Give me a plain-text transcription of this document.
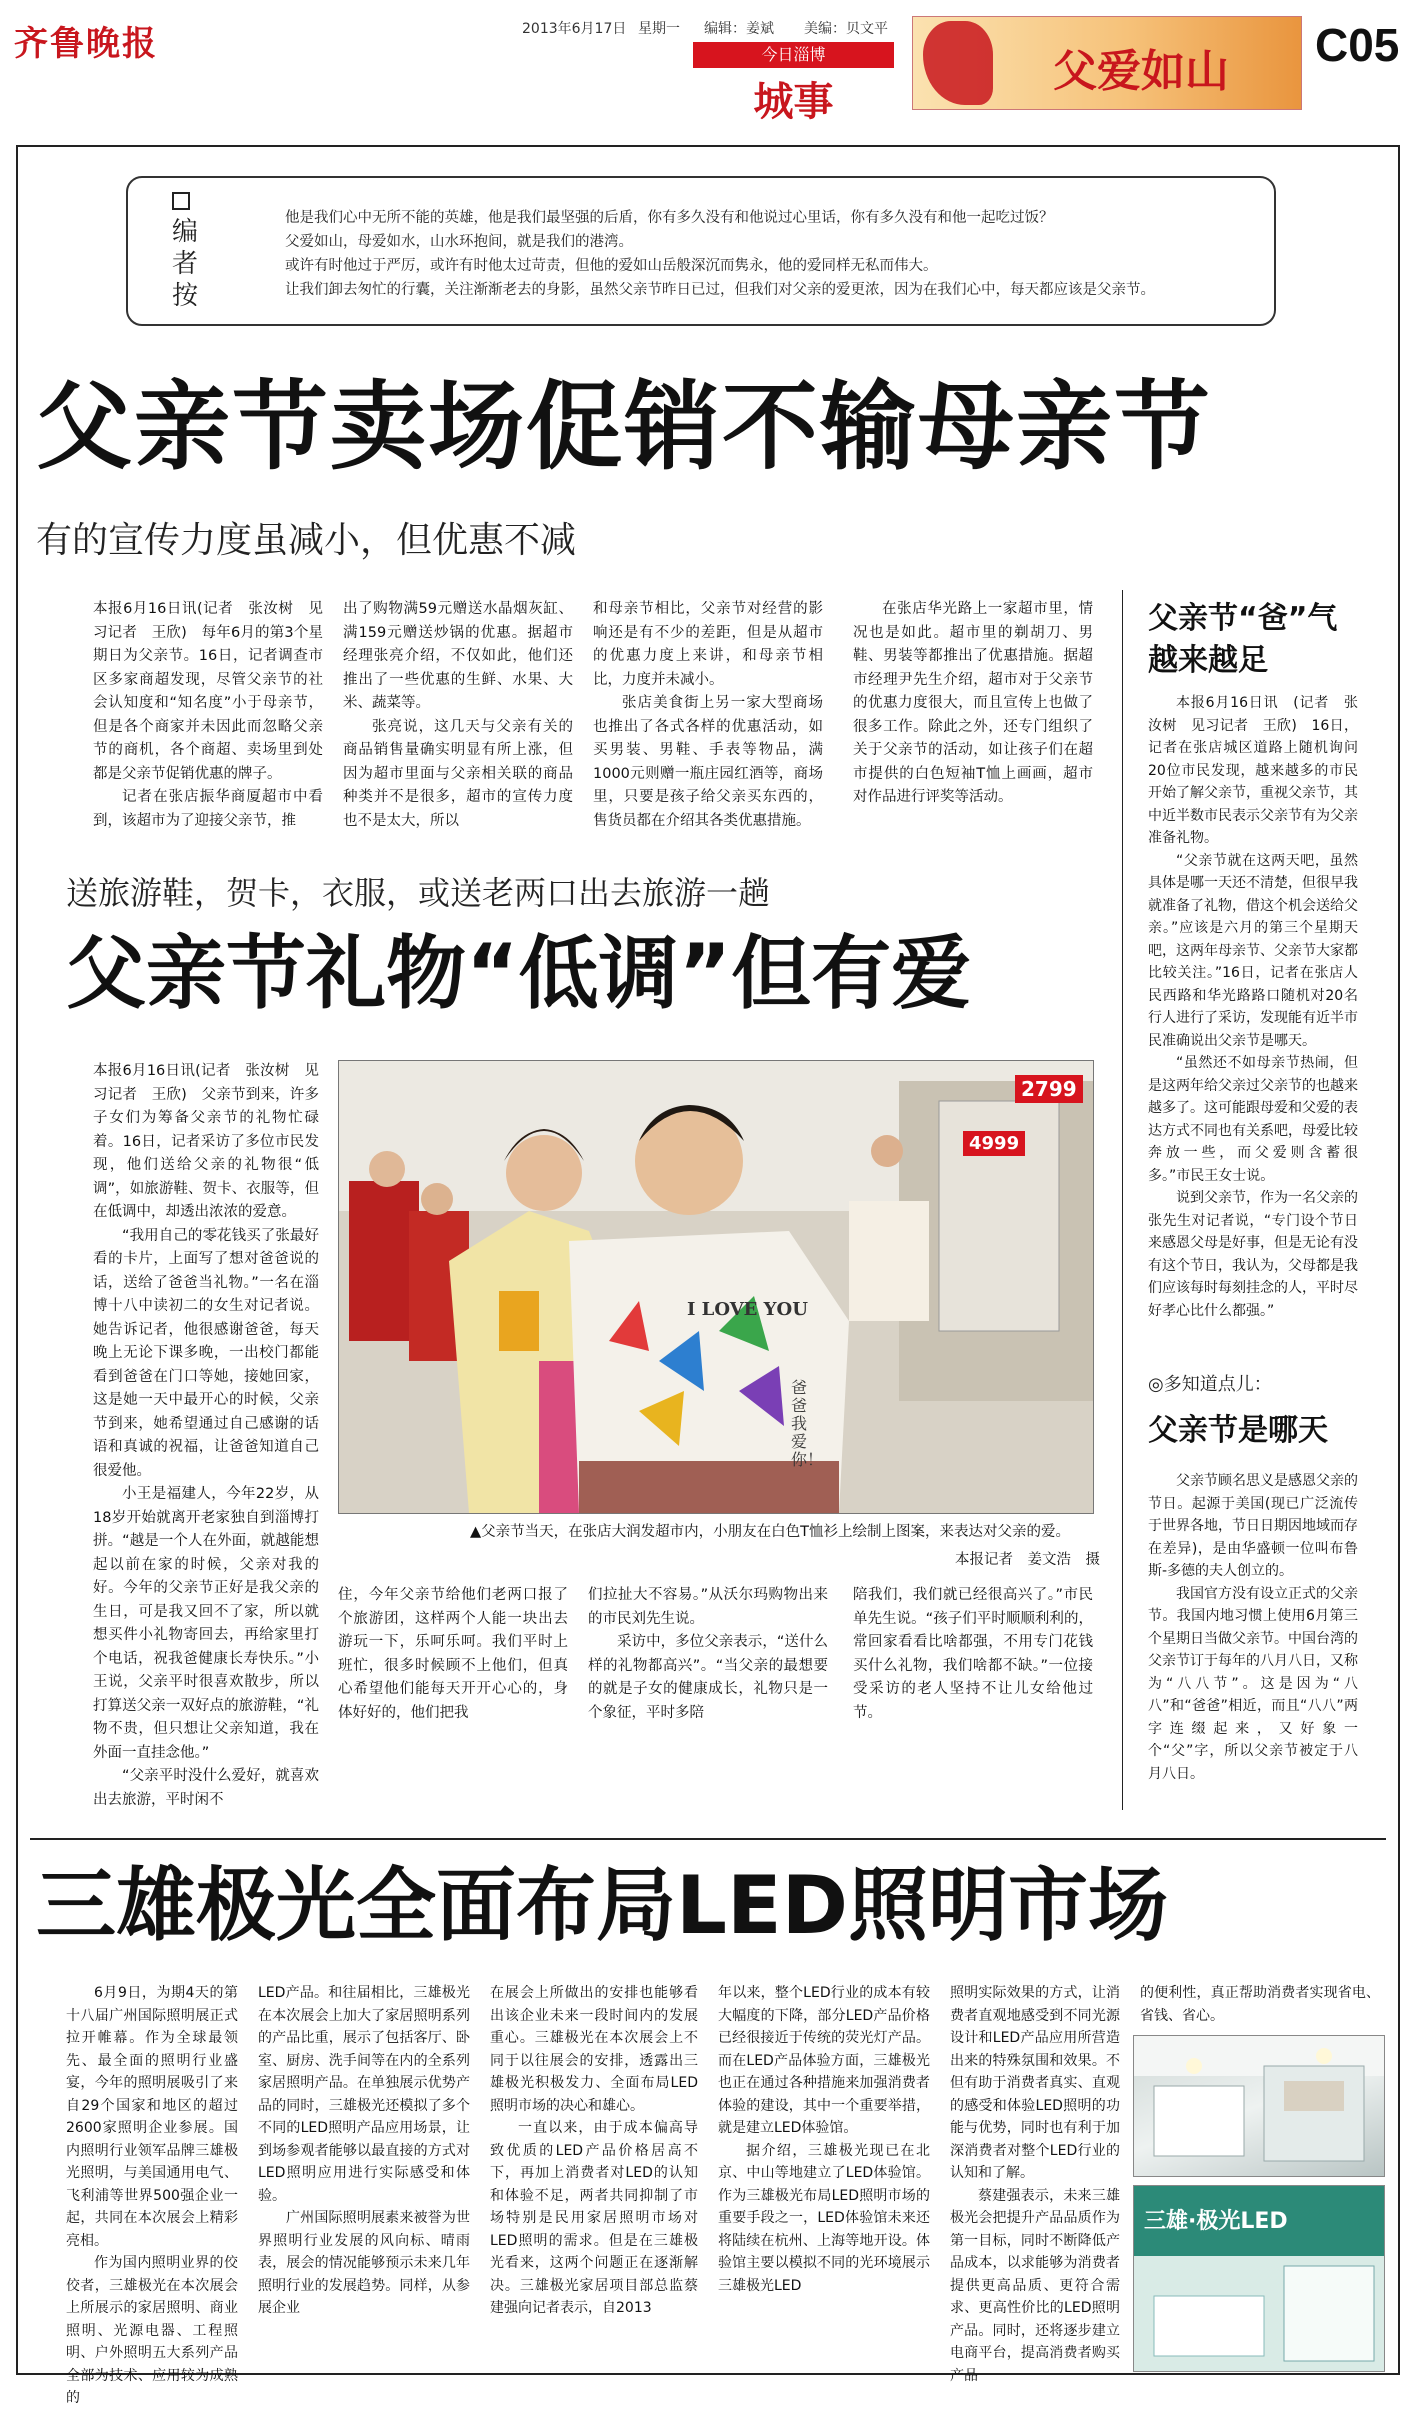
齐鲁晚报	2013年6月17日 星期一 编辑：姜斌 美编：贝文平
今日淄博
城事
父爱如山
C05
编者按

他是我们心中无所不能的英雄，他是我们最坚强的后盾，你有多久没有和他说过心里话，你有多久没有和他一起吃过饭？

父爱如山，母爱如水，山水环抱间，就是我们的港湾。

或许有时他过于严厉，或许有时他太过苛责，但他的爱如山岳般深沉而隽永，他的爱同样无私而伟大。

让我们卸去匆忙的行囊，关注渐渐老去的身影，虽然父亲节昨日已过，但我们对父亲的爱更浓，因为在我们心中，每天都应该是父亲节。

父亲节卖场促销不输母亲节
有的宣传力度虽减小，但优惠不减

本报6月16日讯(记者　张汝树　见习记者　王欣)　每年6月的第3个星期日为父亲节。16日，记者调查市区多家商超发现，尽管父亲节的社会认知度和“知名度”小于母亲节，但是各个商家并未因此而忽略父亲节的商机，各个商超、卖场里到处都是父亲节促销优惠的牌子。

记者在张店振华商厦超市中看到，该超市为了迎接父亲节，推

出了购物满59元赠送水晶烟灰缸、满159元赠送炒锅的优惠。据超市经理张亮介绍，不仅如此，他们还推出了一些优惠的生鲜、水果、大米、蔬菜等。

张亮说，这几天与父亲有关的商品销售量确实明显有所上涨，但因为超市里面与父亲相关联的商品种类并不是很多，超市的宣传力度也不是太大，所以

和母亲节相比，父亲节对经营的影响还是有不少的差距，但是从超市的优惠力度上来讲，和母亲节相比，力度并未减小。

张店美食街上另一家大型商场也推出了各式各样的优惠活动，如买男装、男鞋、手表等物品，满1000元则赠一瓶庄园红酒等，商场里，只要是孩子给父亲买东西的，售货员都在介绍其各类优惠措施。

在张店华光路上一家超市里，情况也是如此。超市里的剃胡刀、男鞋、男装等都推出了优惠措施。据超市经理尹先生介绍，超市对于父亲节的优惠力度很大，而且宣传上也做了很多工作。除此之外，还专门组织了关于父亲节的活动，如让孩子们在超市提供的白色短袖T恤上画画，超市对作品进行评奖等活动。

父亲节“爸”气越来越足

本报6月16日讯　(记者　张汝树　见习记者　王欣)　16日，记者在张店城区道路上随机询问20位市民发现，越来越多的市民开始了解父亲节，重视父亲节，其中近半数市民表示父亲节有为父亲准备礼物。

“父亲节就在这两天吧，虽然具体是哪一天还不清楚，但很早我就准备了礼物，借这个机会送给父亲。”应该是六月的第三个星期天吧，这两年母亲节、父亲节大家都比较关注。”16日，记者在张店人民西路和华光路路口随机对20名行人进行了采访，发现能有近半市民准确说出父亲节是哪天。

“虽然还不如母亲节热闹，但是这两年给父亲过父亲节的也越来越多了。这可能跟母爱和父爱的表达方式不同也有关系吧，母爱比较奔放一些，而父爱则含蓄很多。”市民王女士说。

说到父亲节，作为一名父亲的张先生对记者说，“专门设个节日来感恩父母是好事，但是无论有没有这个节日，我认为，父母都是我们应该每时每刻挂念的人，平时尽好孝心比什么都强。”

送旅游鞋，贺卡，衣服，或送老两口出去旅游一趟
父亲节礼物“低调”但有爱

本报6月16日讯(记者　张汝树　见习记者　王欣)　父亲节到来，许多子女们为筹备父亲节的礼物忙碌着。16日，记者采访了多位市民发现，他们送给父亲的礼物很“低调”，如旅游鞋、贺卡、衣服等，但在低调中，却透出浓浓的爱意。

“我用自己的零花钱买了张最好看的卡片，上面写了想对爸爸说的话，送给了爸爸当礼物。”一名在淄博十八中读初二的女生对记者说。她告诉记者，他很感谢爸爸，每天晚上无论下课多晚，一出校门都能看到爸爸在门口等她，接她回家，这是她一天中最开心的时候，父亲节到来，她希望通过自己感谢的话语和真诚的祝福，让爸爸知道自己很爱他。

小王是福建人，今年22岁，从18岁开始就离开老家独自到淄博打拼。“越是一个人在外面，就越能想起以前在家的时候，父亲对我的好。今年的父亲节正好是我父亲的生日，可是我又回不了家，所以就想买件小礼物寄回去，再给家里打个电话，祝我爸健康长寿快乐。”小王说，父亲平时很喜欢散步，所以打算送父亲一双好点的旅游鞋，“礼物不贵，但只想让父亲知道，我在外面一直挂念他。”

“父亲平时没什么爱好，就喜欢出去旅游，平时闲不

I LOVE YOU
爸爸我爱你！
2799
4999
▲父亲节当天，在张店大润发超市内，小朋友在白色T恤衫上绘制上图案，来表达对父亲的爱。
本报记者　姜文浩　摄

住，今年父亲节给他们老两口报了个旅游团，这样两个人能一块出去游玩一下，乐呵乐呵。我们平时上班忙，很多时候顾不上他们，但真心希望他们能每天开开心心的，身体好好的，他们把我

们拉扯大不容易。”从沃尔玛购物出来的市民刘先生说。

采访中，多位父亲表示，“送什么样的礼物都高兴”。“当父亲的最想要的就是子女的健康成长，礼物只是一个象征，平时多陪

陪我们，我们就已经很高兴了。”市民单先生说。“孩子们平时顺顺利利的，常回家看看比啥都强，不用专门花钱买什么礼物，我们啥都不缺。”一位接受采访的老人坚持不让儿女给他过节。

◎多知道点儿：
父亲节是哪天

父亲节顾名思义是感恩父亲的节日。起源于美国(现已广泛流传于世界各地，节日日期因地域而存在差异)，是由华盛顿一位叫布鲁斯-多德的夫人创立的。

我国官方没有设立正式的父亲节。我国内地习惯上使用6月第三个星期日当做父亲节。中国台湾的父亲节订于每年的八月八日，又称为“八八节”。这是因为“八八”和“爸爸”相近，而且“八八”两字连缀起来，又好象一个“父”字，所以父亲节被定于八月八日。

三雄极光全面布局LED照明市场

6月9日，为期4天的第十八届广州国际照明展正式拉开帷幕。作为全球最领先、最全面的照明行业盛宴，今年的照明展吸引了来自29个国家和地区的超过2600家照明企业参展。国内照明行业领军品牌三雄极光照明，与美国通用电气、飞利浦等世界500强企业一起，共同在本次展会上精彩亮相。

作为国内照明业界的佼佼者，三雄极光在本次展会上所展示的家居照明、商业照明、光源电器、工程照明、户外照明五大系列产品全部为技术、应用较为成熟的

LED产品。和往届相比，三雄极光在本次展会上加大了家居照明系列的产品比重，展示了包括客厅、卧室、厨房、洗手间等在内的全系列家居照明产品。在单独展示优势产品的同时，三雄极光还模拟了多个不同的LED照明产品应用场景，让到场参观者能够以最直接的方式对LED照明应用进行实际感受和体验。

广州国际照明展素来被誉为世界照明行业发展的风向标、晴雨表，展会的情况能够预示未来几年照明行业的发展趋势。同样，从参展企业

在展会上所做出的安排也能够看出该企业未来一段时间内的发展重心。三雄极光在本次展会上不同于以往展会的安排，透露出三雄极光积极发力、全面布局LED照明市场的决心和雄心。

一直以来，由于成本偏高导致优质的LED产品价格居高不下，再加上消费者对LED的认知和体验不足，两者共同抑制了市场特别是民用家居照明市场对LED照明的需求。但是在三雄极光看来，这两个问题正在逐渐解决。三雄极光家居项目部总监蔡建强向记者表示，自2013

年以来，整个LED行业的成本有较大幅度的下降，部分LED产品价格已经很接近于传统的荧光灯产品。而在LED产品体验方面，三雄极光也正在通过各种措施来加强消费者体验的建设，其中一个重要举措，就是建立LED体验馆。

据介绍，三雄极光现已在北京、中山等地建立了LED体验馆。作为三雄极光布局LED照明市场的重要手段之一，LED体验馆未来还将陆续在杭州、上海等地开设。体验馆主要以模拟不同的光环境展示三雄极光LED

照明实际效果的方式，让消费者直观地感受到不同光源设计和LED产品应用所营造出来的特殊氛围和效果。不但有助于消费者真实、直观的感受和体验LED照明的功能与优势，同时也有利于加深消费者对整个LED行业的认知和了解。

蔡建强表示，未来三雄极光会把提升产品品质作为第一目标，同时不断降低产品成本，以求能够为消费者提供更高品质、更符合需求、更高性价比的LED照明产品。同时，还将逐步建立电商平台，提高消费者购买产品

的便利性，真正帮助消费者实现省电、省钱、省心。

三雄·极光LED
